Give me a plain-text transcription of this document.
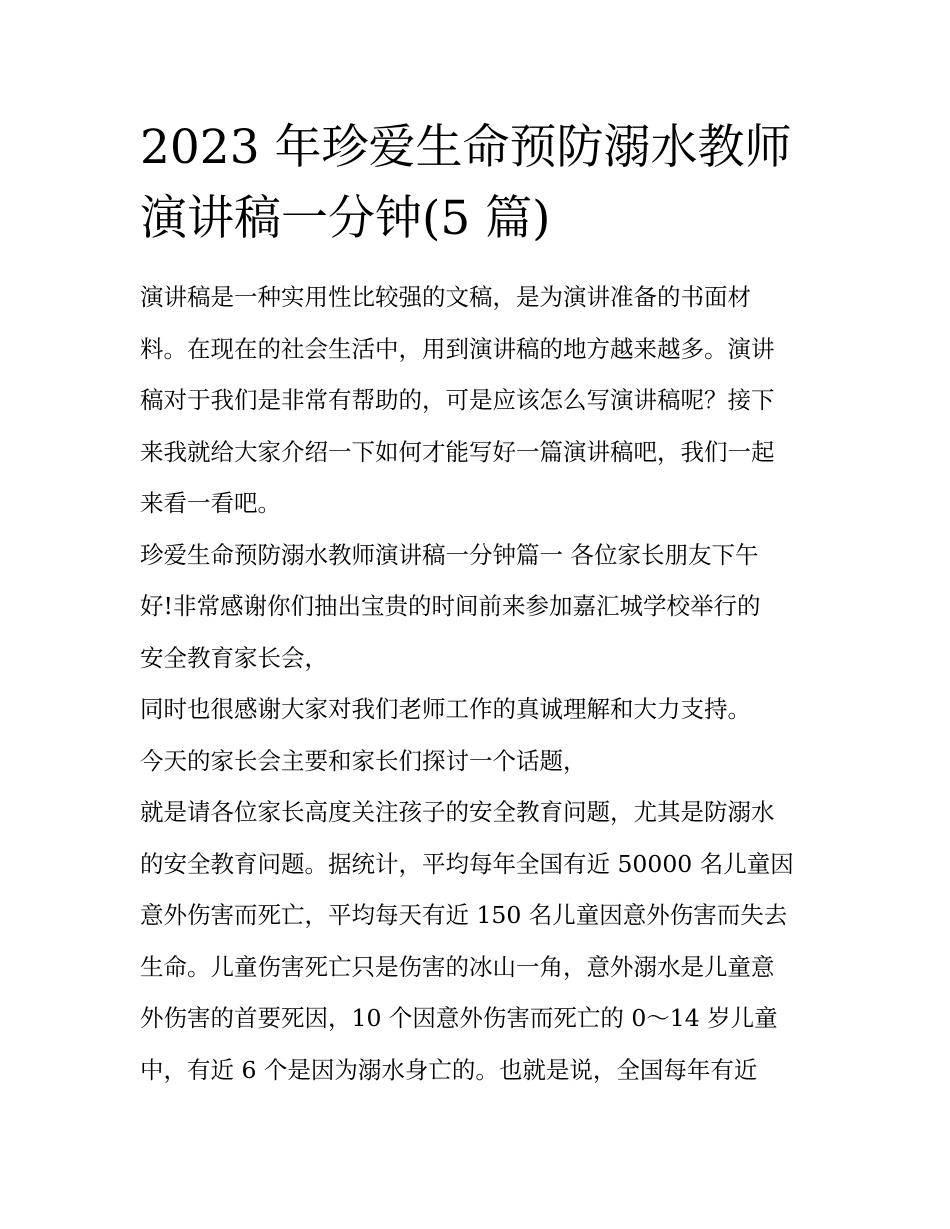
2023 年珍爱生命预防溺水教师
演讲稿一分钟(5 篇)

演讲稿是一种实用性比较强的文稿，是为演讲准备的书面材
料。在现在的社会生活中，用到演讲稿的地方越来越多。演讲
稿对于我们是非常有帮助的，可是应该怎么写演讲稿呢？接下
来我就给大家介绍一下如何才能写好一篇演讲稿吧，我们一起
来看一看吧。

珍爱生命预防溺水教师演讲稿一分钟篇一 各位家长朋友下午
好!非常感谢你们抽出宝贵的时间前来参加嘉汇城学校举行的
安全教育家长会，

同时也很感谢大家对我们老师工作的真诚理解和大力支持。

今天的家长会主要和家长们探讨一个话题，

就是请各位家长高度关注孩子的安全教育问题，尤其是防溺水
的安全教育问题。据统计，平均每年全国有近 50000 名儿童因
意外伤害而死亡，平均每天有近 150 名儿童因意外伤害而失去
生命。儿童伤害死亡只是伤害的冰山一角，意外溺水是儿童意
外伤害的首要死因，10 个因意外伤害而死亡的 0～14 岁儿童
中，有近 6 个是因为溺水身亡的。也就是说，全国每年有近
